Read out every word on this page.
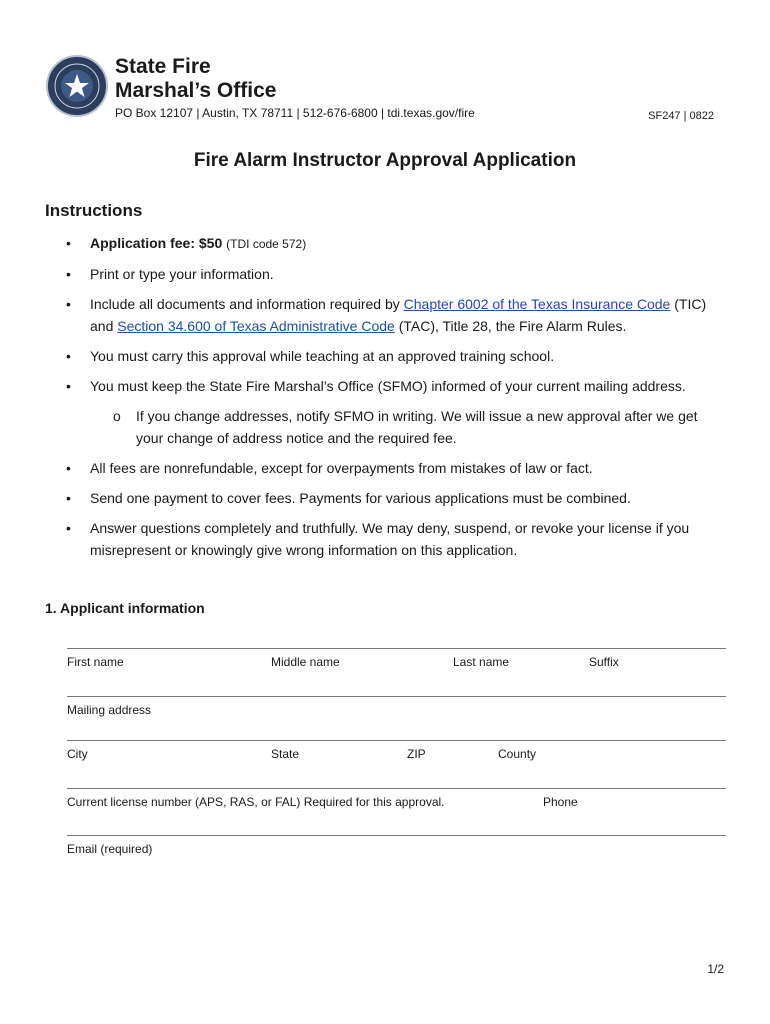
State Fire
Marshal’s Office
PO Box 12107 | Austin, TX 78711 | 512-676-6800 | tdi.texas.gov/fire	SF247 | 0822
Fire Alarm Instructor Approval Application
Instructions
• Application fee: $50 (TDI code 572)
• Print or type your information.
• Include all documents and information required by Chapter 6002 of the Texas Insurance Code (TIC) and Section 34.600 of Texas Administrative Code (TAC), Title 28, the Fire Alarm Rules.
• You must carry this approval while teaching at an approved training school.
• You must keep the State Fire Marshal’s Office (SFMO) informed of your current mailing address.
o If you change addresses, notify SFMO in writing. We will issue a new approval after we get your change of address notice and the required fee.
• All fees are nonrefundable, except for overpayments from mistakes of law or fact.
• Send one payment to cover fees. Payments for various applications must be combined.
• Answer questions completely and truthfully. We may deny, suspend, or revoke your license if you misrepresent or knowingly give wrong information on this application.
1. Applicant information
First name	Middle name	Last name	Suffix
Mailing address
City	State	ZIP	County
Current license number (APS, RAS, or FAL) Required for this approval.	Phone
Email (required)
1/2
